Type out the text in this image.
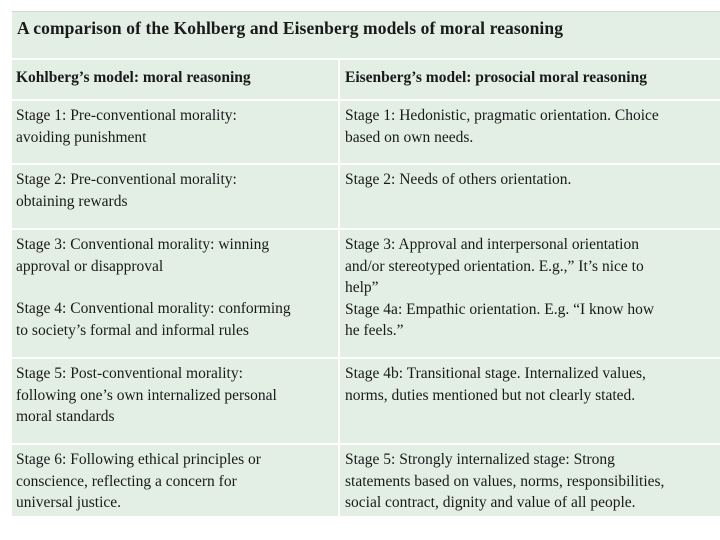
A comparison of the Kohlberg and Eisenberg models of moral reasoning
Kohlberg’s model: moral reasoning	Eisenberg’s model: prosocial moral reasoning
Stage 1: Pre-conventional morality:
avoiding punishment
Stage 2: Pre-conventional morality:
obtaining rewards
Stage 3: Conventional morality: winning
approval or disapproval
Stage 4: Conventional morality: conforming
to society’s formal and informal rules
Stage 5: Post-conventional morality:
following one’s own internalized personal
moral standards
Stage 6: Following ethical principles or
conscience, reflecting a concern for
universal justice.
Stage 1: Hedonistic, pragmatic orientation. Choice
based on own needs.
Stage 2: Needs of others orientation.
Stage 3: Approval and interpersonal orientation
and/or stereotyped orientation. E.g.,” It’s nice to
help”
Stage 4a: Empathic orientation. E.g. “I know how
he feels.”
Stage 4b: Transitional stage. Internalized values,
norms, duties mentioned but not clearly stated.
Stage 5: Strongly internalized stage: Strong
statements based on values, norms, responsibilities,
social contract, dignity and value of all people.
